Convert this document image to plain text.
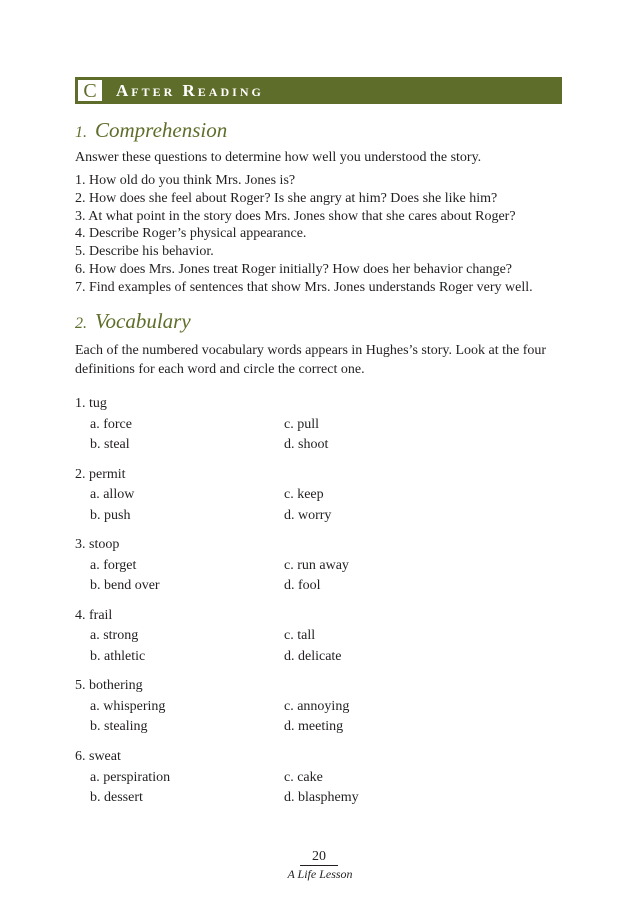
C	After Reading
1. Comprehension
Answer these questions to determine how well you understood the story.
1. How old do you think Mrs. Jones is?
2. How does she feel about Roger? Is she angry at him? Does she like him?
3. At what point in the story does Mrs. Jones show that she cares about Roger?
4. Describe Roger’s physical appearance.
5. Describe his behavior.
6. How does Mrs. Jones treat Roger initially? How does her behavior change?
7. Find examples of sentences that show Mrs. Jones understands Roger very well.
2. Vocabulary
Each of the numbered vocabulary words appears in Hughes’s story. Look at the four definitions for each word and circle the correct one.
1. tug
a. force	c. pull
b. steal	d. shoot
2. permit
a. allow	c. keep
b. push	d. worry
3. stoop
a. forget	c. run away
b. bend over	d. fool
4. frail
a. strong	c. tall
b. athletic	d. delicate
5. bothering
a. whispering	c. annoying
b. stealing	d. meeting
6. sweat
a. perspiration	c. cake
b. dessert	d. blasphemy
20
A Life Lesson
